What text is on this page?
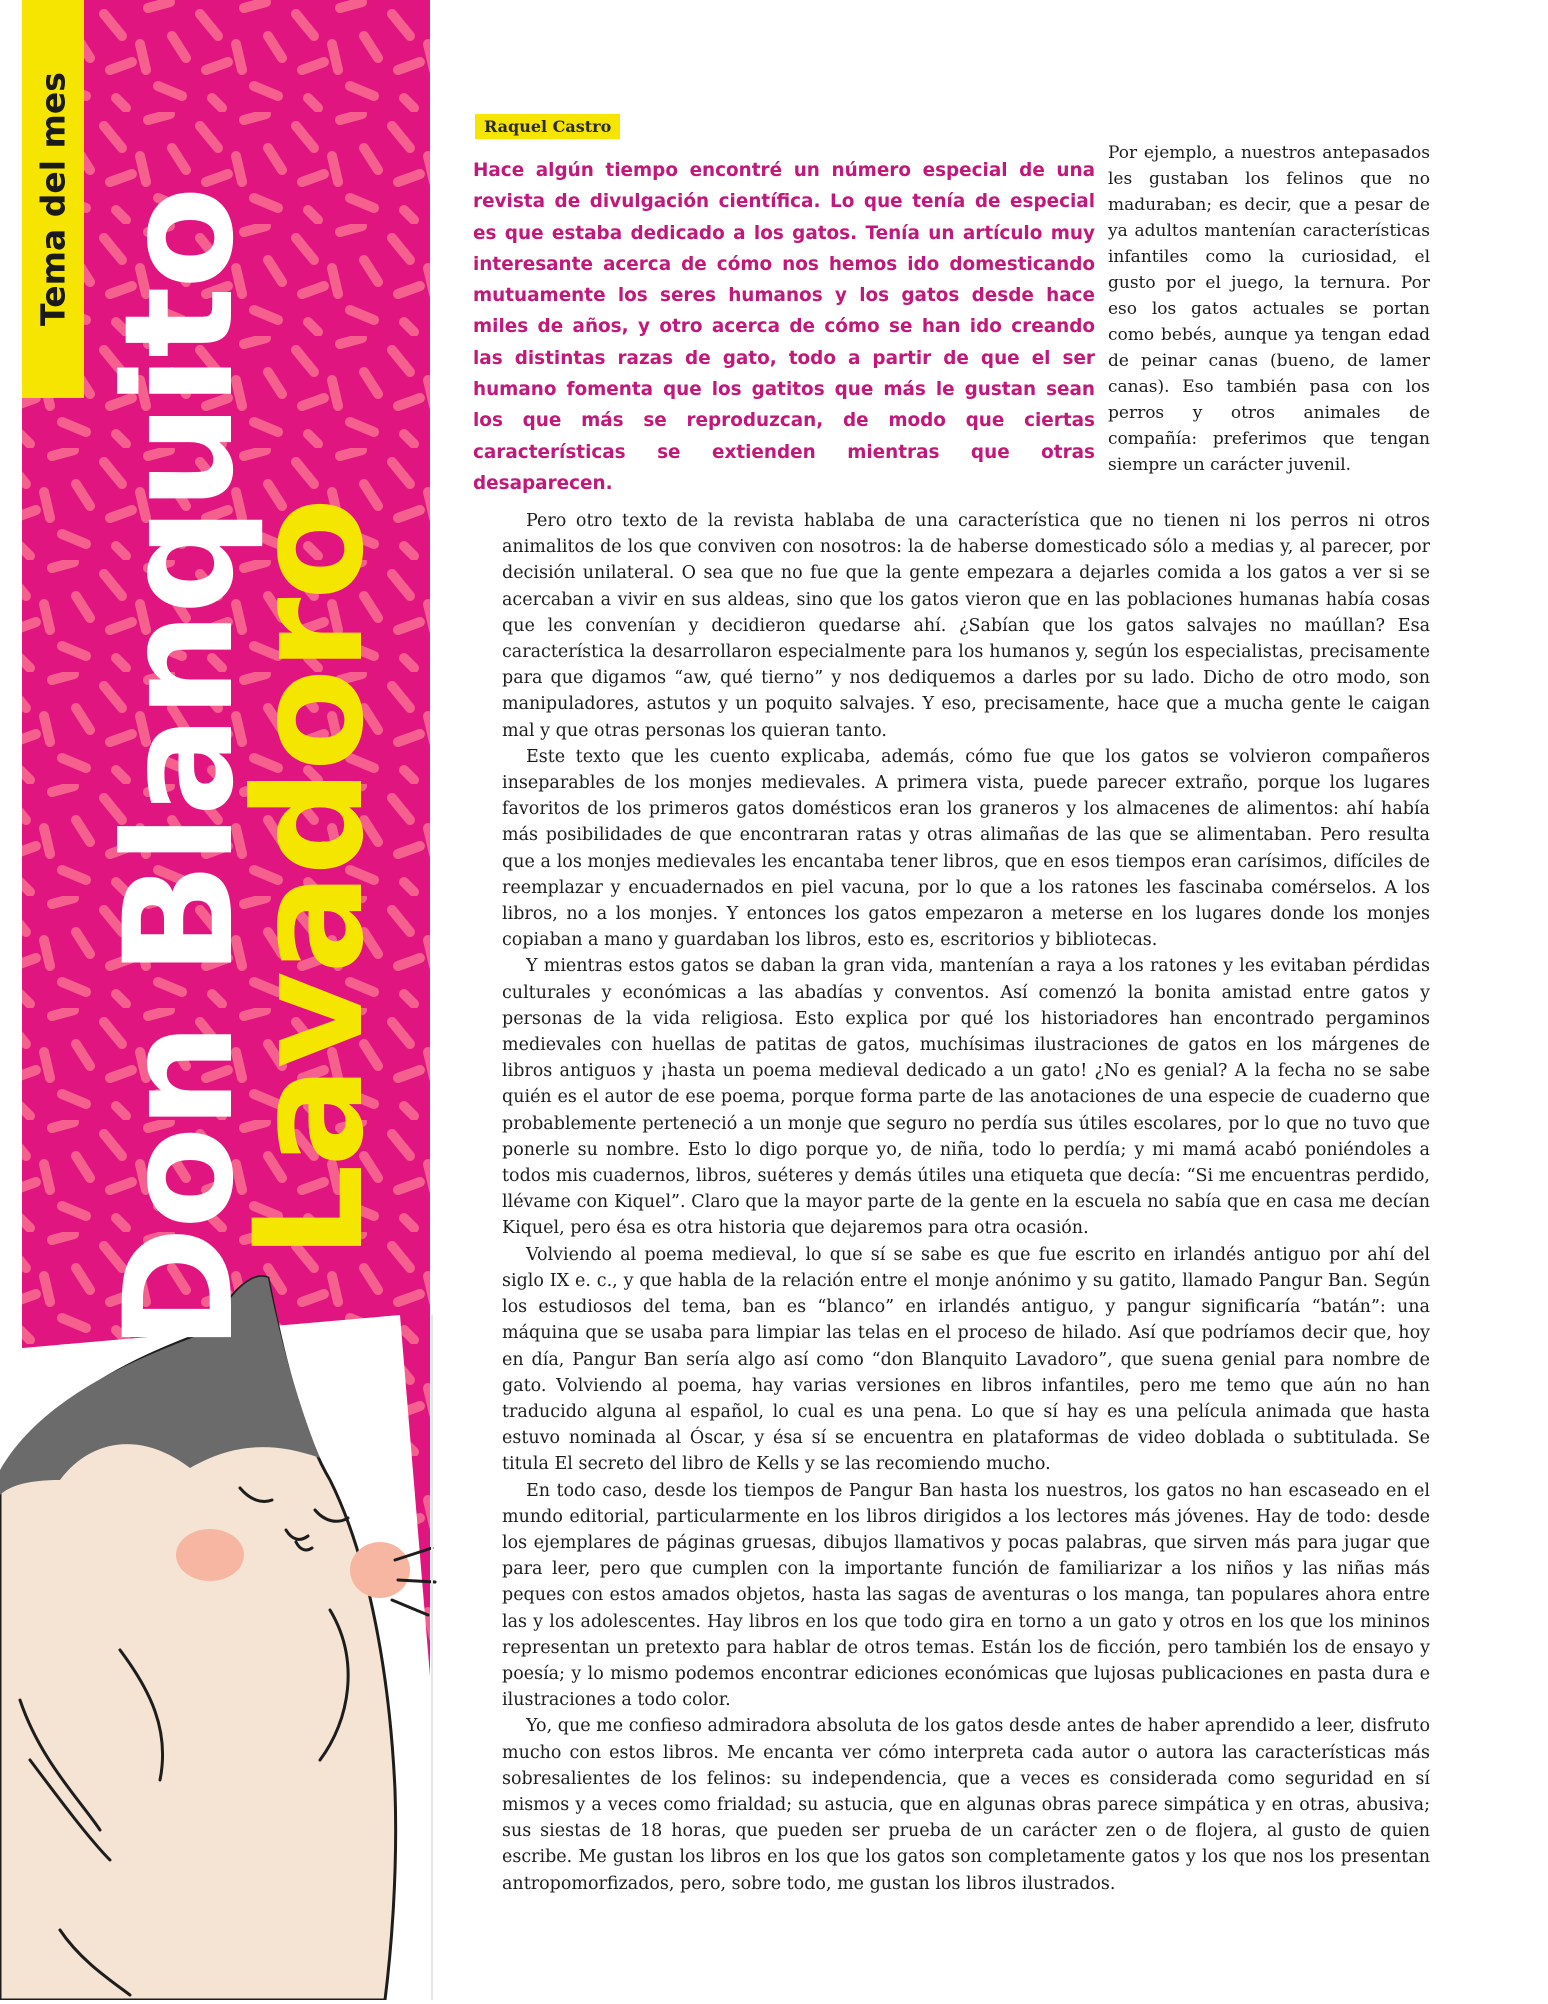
Tema del mes Don Blanquito
Lavadoro
Raquel Castro

Hace algún tiempo encontré un número especial de una revista de divulgación científica. Lo que tenía de especial es que estaba dedicado a los gatos. Tenía un artículo muy interesante acerca de cómo nos hemos ido domesticando mutuamente los seres humanos y los gatos desde hace miles de años, y otro acerca de cómo se han ido creando las distintas razas de gato, todo a partir de que el ser humano fomenta que los gatitos que más le gustan sean los que más se reproduzcan, de modo que ciertas características se extienden mientras que otras desaparecen.

Por ejemplo, a nuestros antepasados les gustaban los felinos que no maduraban; es decir, que a pesar de ya adultos mantenían características infantiles como la curiosidad, el gusto por el juego, la ternura. Por eso los gatos actuales se portan como bebés, aunque ya tengan edad de peinar canas (bueno, de lamer canas). Eso también pasa con los perros y otros animales de compañía: preferimos que tengan siempre un carácter juvenil.

Pero otro texto de la revista hablaba de una característica que no tienen ni los perros ni otros animalitos de los que conviven con nosotros: la de haberse domesticado sólo a medias y, al parecer, por decisión unilateral. O sea que no fue que la gente empezara a dejarles comida a los gatos a ver si se acercaban a vivir en sus aldeas, sino que los gatos vieron que en las poblaciones humanas había cosas que les convenían y decidieron quedarse ahí. ¿Sabían que los gatos salvajes no maúllan? Esa característica la desarrollaron especialmente para los humanos y, según los especialistas, precisamente para que digamos “aw, qué tierno” y nos dediquemos a darles por su lado. Dicho de otro modo, son manipuladores, astutos y un poquito salvajes. Y eso, precisamente, hace que a mucha gente le caigan mal y que otras personas los quieran tanto.

Este texto que les cuento explicaba, además, cómo fue que los gatos se volvieron compañeros inseparables de los monjes medievales. A primera vista, puede parecer extraño, porque los lugares favoritos de los primeros gatos domésticos eran los graneros y los almacenes de alimentos: ahí había más posibilidades de que encontraran ratas y otras alimañas de las que se alimentaban. Pero resulta que a los monjes medievales les encantaba tener libros, que en esos tiempos eran carísimos, difíciles de reemplazar y encuadernados en piel vacuna, por lo que a los ratones les fascinaba comérselos. A los libros, no a los monjes. Y entonces los gatos empezaron a meterse en los lugares donde los monjes copiaban a mano y guardaban los libros, esto es, escritorios y bibliotecas.

Y mientras estos gatos se daban la gran vida, mantenían a raya a los ratones y les evitaban pérdidas culturales y económicas a las abadías y conventos. Así comenzó la bonita amistad entre gatos y personas de la vida religiosa. Esto explica por qué los historiadores han encontrado pergaminos medievales con huellas de patitas de gatos, muchísimas ilustraciones de gatos en los márgenes de libros antiguos y ¡hasta un poema medieval dedicado a un gato! ¿No es genial? A la fecha no se sabe quién es el autor de ese poema, porque forma parte de las anotaciones de una especie de cuaderno que probablemente perteneció a un monje que seguro no perdía sus útiles escolares, por lo que no tuvo que ponerle su nombre. Esto lo digo porque yo, de niña, todo lo perdía; y mi mamá acabó poniéndoles a todos mis cuadernos, libros, suéteres y demás útiles una etiqueta que decía: “Si me encuentras perdido, llévame con Kiquel”. Claro que la mayor parte de la gente en la escuela no sabía que en casa me decían Kiquel, pero ésa es otra historia que dejaremos para otra ocasión.

Volviendo al poema medieval, lo que sí se sabe es que fue escrito en irlandés antiguo por ahí del siglo IX e. c., y que habla de la relación entre el monje anónimo y su gatito, llamado Pangur Ban. Según los estudiosos del tema, ban es “blanco” en irlandés antiguo, y pangur significaría “batán”: una máquina que se usaba para limpiar las telas en el proceso de hilado. Así que podríamos decir que, hoy en día, Pangur Ban sería algo así como “don Blanquito Lavadoro”, que suena genial para nombre de gato. Volviendo al poema, hay varias versiones en libros infantiles, pero me temo que aún no han traducido alguna al español, lo cual es una pena. Lo que sí hay es una película animada que hasta estuvo nominada al Óscar, y ésa sí se encuentra en plataformas de video doblada o subtitulada. Se titula El secreto del libro de Kells y se las recomiendo mucho.

En todo caso, desde los tiempos de Pangur Ban hasta los nuestros, los gatos no han escaseado en el mundo editorial, particularmente en los libros dirigidos a los lectores más jóvenes. Hay de todo: desde los ejemplares de páginas gruesas, dibujos llamativos y pocas palabras, que sirven más para jugar que para leer, pero que cumplen con la importante función de familiarizar a los niños y las niñas más peques con estos amados objetos, hasta las sagas de aventuras o los manga, tan populares ahora entre las y los adolescentes. Hay libros en los que todo gira en torno a un gato y otros en los que los mininos representan un pretexto para hablar de otros temas. Están los de ficción, pero también los de ensayo y poesía; y lo mismo podemos encontrar ediciones económicas que lujosas publicaciones en pasta dura e ilustraciones a todo color.

Yo, que me confieso admiradora absoluta de los gatos desde antes de haber aprendido a leer, disfruto mucho con estos libros. Me encanta ver cómo interpreta cada autor o autora las características más sobresalientes de los felinos: su independencia, que a veces es considerada como seguridad en sí mismos y a veces como frialdad; su astucia, que en algunas obras parece simpática y en otras, abusiva; sus siestas de 18 horas, que pueden ser prueba de un carácter zen o de flojera, al gusto de quien escribe. Me gustan los libros en los que los gatos son completamente gatos y los que nos los presentan antropomorfizados, pero, sobre todo, me gustan los libros ilustrados.
